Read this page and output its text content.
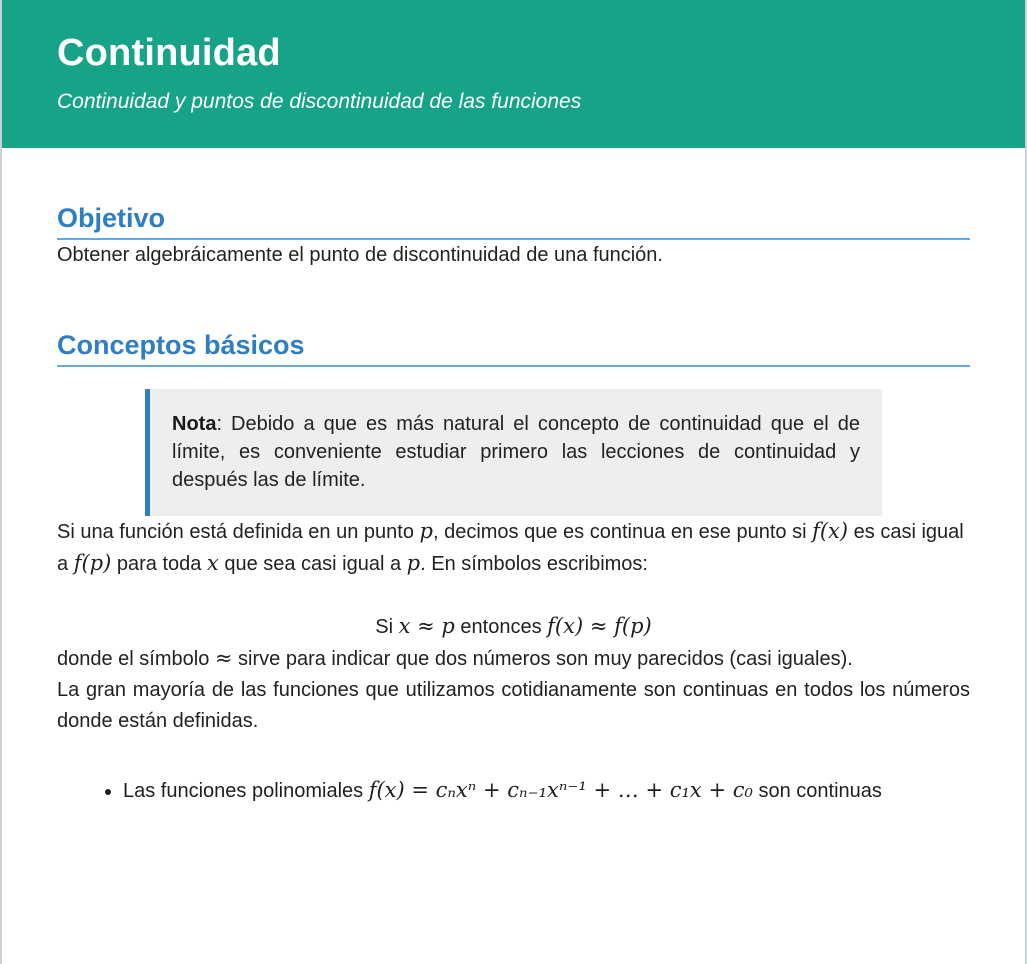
Continuidad
Continuidad y puntos de discontinuidad de las funciones
Objetivo

Obtener algebráicamente el punto de discontinuidad de una función.

Conceptos básicos
Nota: Debido a que es más natural el concepto de continuidad que el de límite, es conveniente estudiar primero las lecciones de continuidad y después las de límite.

Si una función está definida en un punto p, decimos que es continua en ese punto si f(x) es casi igual a f(p) para toda x que sea casi igual a p. En símbolos escribimos:

Si x ≈ p entonces f(x) ≈ f(p)

donde el símbolo ≈ sirve para indicar que dos números son muy parecidos (casi iguales).

La gran mayoría de las funciones que utilizamos cotidianamente son continuas en todos los números donde están definidas.

• Las funciones polinomiales f(x) = cₙxⁿ + cₙ₋₁xⁿ⁻¹ + … + c₁x + c₀ son continuas
